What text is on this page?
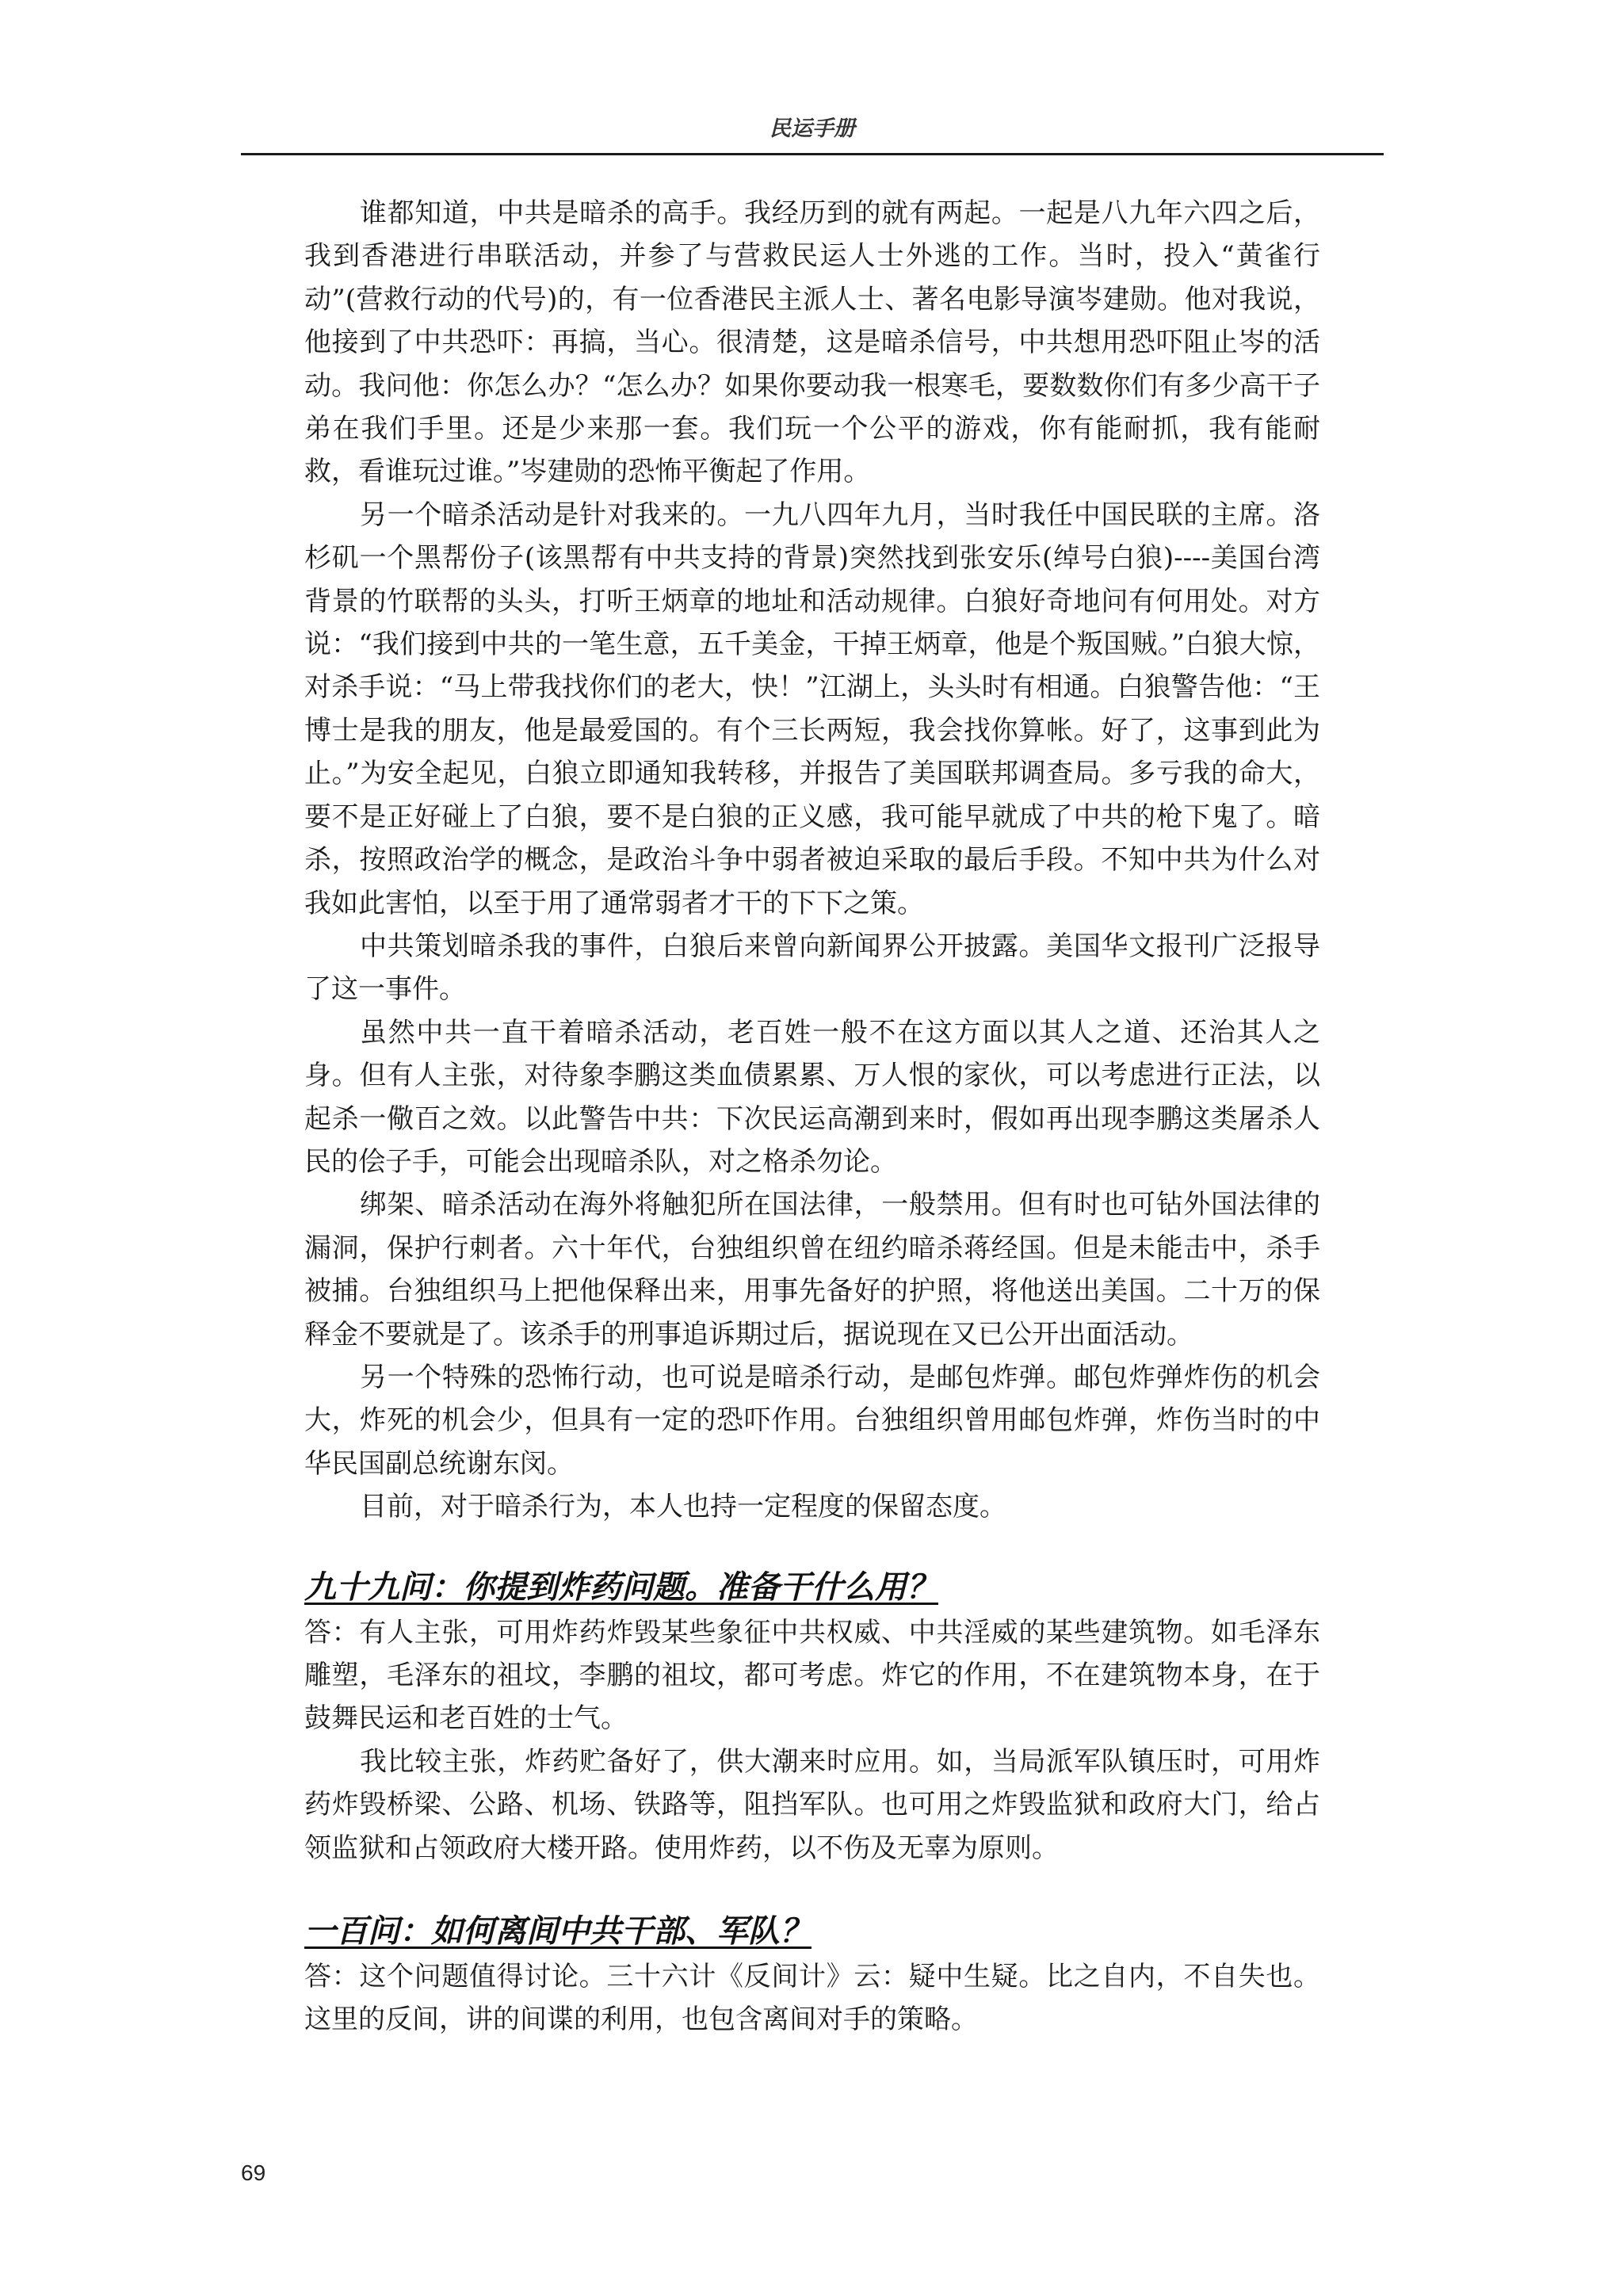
民运手册

谁都知道，中共是暗杀的高手。我经历到的就有两起。一起是八九年六四之后，我到香港进行串联活动，并参了与营救民运人士外逃的工作。当时，投入“黄雀行动”(营救行动的代号)的，有一位香港民主派人士、著名电影导演岑建勋。他对我说，他接到了中共恐吓：再搞，当心。很清楚，这是暗杀信号，中共想用恐吓阻止岑的活动。我问他：你怎么办？“怎么办？如果你要动我一根寒毛，要数数你们有多少高干子弟在我们手里。还是少来那一套。我们玩一个公平的游戏，你有能耐抓，我有能耐救，看谁玩过谁。”岑建勋的恐怖平衡起了作用。

另一个暗杀活动是针对我来的。一九八四年九月，当时我任中国民联的主席。洛杉矶一个黑帮份子(该黑帮有中共支持的背景)突然找到张安乐(绰号白狼)----美国台湾背景的竹联帮的头头，打听王炳章的地址和活动规律。白狼好奇地问有何用处。对方说：“我们接到中共的一笔生意，五千美金，干掉王炳章，他是个叛国贼。”白狼大惊，对杀手说：“马上带我找你们的老大，快！”江湖上，头头时有相通。白狼警告他：“王博士是我的朋友，他是最爱国的。有个三长两短，我会找你算帐。好了，这事到此为止。”为安全起见，白狼立即通知我转移，并报告了美国联邦调查局。多亏我的命大，要不是正好碰上了白狼，要不是白狼的正义感，我可能早就成了中共的枪下鬼了。暗杀，按照政治学的概念，是政治斗争中弱者被迫采取的最后手段。不知中共为什么对我如此害怕，以至于用了通常弱者才干的下下之策。

中共策划暗杀我的事件，白狼后来曾向新闻界公开披露。美国华文报刊广泛报导了这一事件。

虽然中共一直干着暗杀活动，老百姓一般不在这方面以其人之道、还治其人之身。但有人主张，对待象李鹏这类血债累累、万人恨的家伙，可以考虑进行正法，以起杀一儆百之效。以此警告中共：下次民运高潮到来时，假如再出现李鹏这类屠杀人民的侩子手，可能会出现暗杀队，对之格杀勿论。

绑架、暗杀活动在海外将触犯所在国法律，一般禁用。但有时也可钻外国法律的漏洞，保护行刺者。六十年代，台独组织曾在纽约暗杀蒋经国。但是未能击中，杀手被捕。台独组织马上把他保释出来，用事先备好的护照，将他送出美国。二十万的保释金不要就是了。该杀手的刑事追诉期过后，据说现在又已公开出面活动。

另一个特殊的恐怖行动，也可说是暗杀行动，是邮包炸弹。邮包炸弹炸伤的机会大，炸死的机会少，但具有一定的恐吓作用。台独组织曾用邮包炸弹，炸伤当时的中华民国副总统谢东闵。

目前，对于暗杀行为，本人也持一定程度的保留态度。

九十九问：你提到炸药问题。准备干什么用？

答：有人主张，可用炸药炸毁某些象征中共权威、中共淫威的某些建筑物。如毛泽东雕塑，毛泽东的祖坟，李鹏的祖坟，都可考虑。炸它的作用，不在建筑物本身，在于鼓舞民运和老百姓的士气。

我比较主张，炸药贮备好了，供大潮来时应用。如，当局派军队镇压时，可用炸药炸毁桥梁、公路、机场、铁路等，阻挡军队。也可用之炸毁监狱和政府大门，给占领监狱和占领政府大楼开路。使用炸药，以不伤及无辜为原则。

一百问：如何离间中共干部、军队？

答：这个问题值得讨论。三十六计《反间计》云：疑中生疑。比之自内，不自失也。这里的反间，讲的间谍的利用，也包含离间对手的策略。

69
